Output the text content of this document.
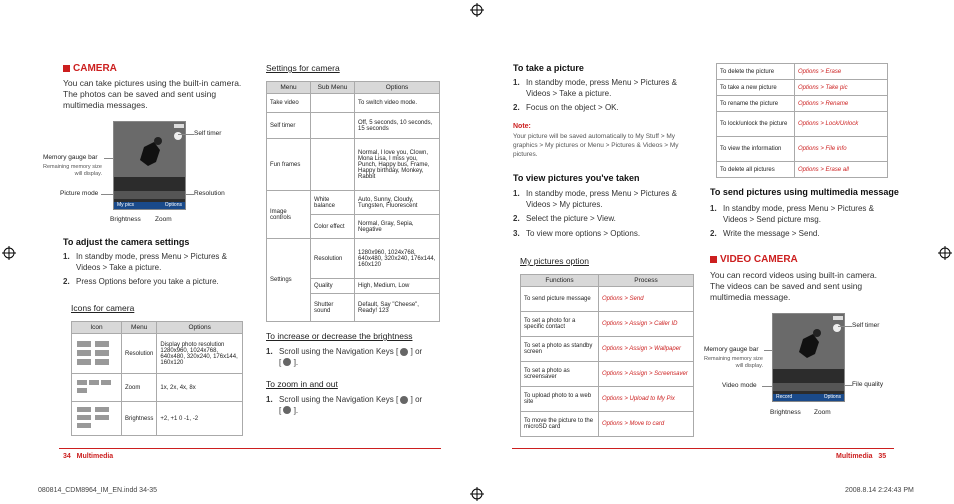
CAMERA
You can take pictures using the built-in camera. The photos can be saved and sent using multimedia messages.
My pics	Options
Self timer
Memory gauge bar
Remaining memory size will display.
Picture mode	Resolution
Brightness Zoom
To adjust the camera settings
1. In standby mode, press Menu > Pictures & Videos > Take a picture.
2. Press Options before you take a picture.
Icons for camera
Icon	Menu	Options
	Resolution	Display photo resolution 1280x960, 1024x768, 640x480, 320x240, 176x144, 160x120
	Zoom	1x, 2x, 4x, 8x
	Brightness	+2, +1 0 -1, -2
Settings for camera
Menu	Sub Menu	Options
Take video		To switch video mode.
Self timer		Off, 5 seconds, 10 seconds, 15 seconds
Fun frames		Normal, I love you, Clown, Mona Lisa, I miss you, Punch, Happy bus, Frame, Happy birthday, Monkey, Rabbit
Image controls	White balance	Auto, Sunny, Cloudy, Tungsten, Fluorescent
	Color effect	Normal, Gray, Sepia, Negative
Settings	Resolution	1280x960, 1024x768, 640x480, 320x240, 176x144, 160x120
	Quality	High, Medium, Low
	Shutter sound	Default, Say "Cheese", Ready! 123
To increase or decrease the brightness
1. Scroll using the Navigation Keys [ ] or
[  ].
To zoom in and out
1. Scroll using the Navigation Keys [ ] or
[  ].
34 Multimedia
To take a picture
1. In standby mode, press Menu > Pictures & Videos > Take a picture.
2. Focus on the object > OK.
Note:
Your picture will be saved automatically to My Stuff > My graphics > My pictures or Menu > Pictures & Videos > My pictures.
To view pictures you've taken
1. In standby mode, press Menu > Pictures & Videos > My pictures.
2. Select the picture > View.
3. To view more options > Options.
My pictures option
Functions	Process
To send picture message	Options > Send
To set a photo for a specific contact	Options > Assign > Caller ID
To set a photo as standby screen	Options > Assign > Wallpaper
To set a photo as screensaver	Options > Assign > Screensaver
To upload photo to a web site	Options > Upload to My Pix
To move the picture to the microSD card	Options > Move to card
To delete the picture	Options > Erase
To take a new picture	Options > Take pic
To rename the picture	Options > Rename
To lock/unlock the picture	Options > Lock/Unlock
To view the information	Options > File info
To delete all pictures	Options > Erase all
To send pictures using multimedia message
1. In standby mode, press Menu > Pictures & Videos > Send picture msg.
2. Write the message > Send.
VIDEO CAMERA
You can record videos using built-in camera. The videos can be saved and sent using multimedia message.
Record	Options
Self timer
Memory gauge bar
Remaining memory size will display.
Video mode	File quality
Brightness Zoom
Multimedia 35
080814_CDM8964_IM_EN.indd 34-35	2008.8.14 2:24:43 PM
